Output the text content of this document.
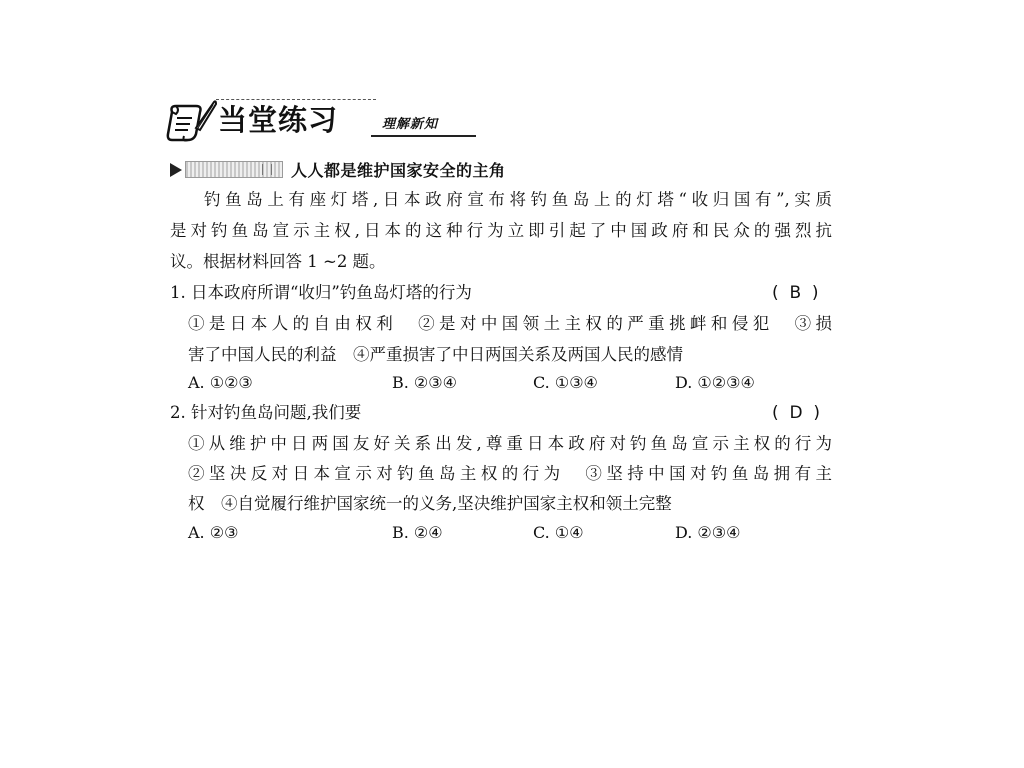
当堂练习	理解新知
人人都是维护国家安全的主角
钓鱼岛上有座灯塔,日本政府宣布将钓鱼岛上的灯塔“收归国有”,实质
是对钓鱼岛宣示主权,日本的这种行为立即引起了中国政府和民众的强烈抗
议。根据材料回答 1 ~2 题。
1. 日本政府所谓“收归”钓鱼岛灯塔的行为	(  B  )
①是日本人的自由权利　②是对中国领土主权的严重挑衅和侵犯　③损
害了中国人民的利益　④严重损害了中日两国关系及两国人民的感情
A. ①②③	B. ②③④	C. ①③④	D. ①②③④
2. 针对钓鱼岛问题,我们要	(  D  )
①从维护中日两国友好关系出发,尊重日本政府对钓鱼岛宣示主权的行为
②坚决反对日本宣示对钓鱼岛主权的行为　③坚持中国对钓鱼岛拥有主
权　④自觉履行维护国家统一的义务,坚决维护国家主权和领土完整
A. ②③	B. ②④	C. ①④	D. ②③④
